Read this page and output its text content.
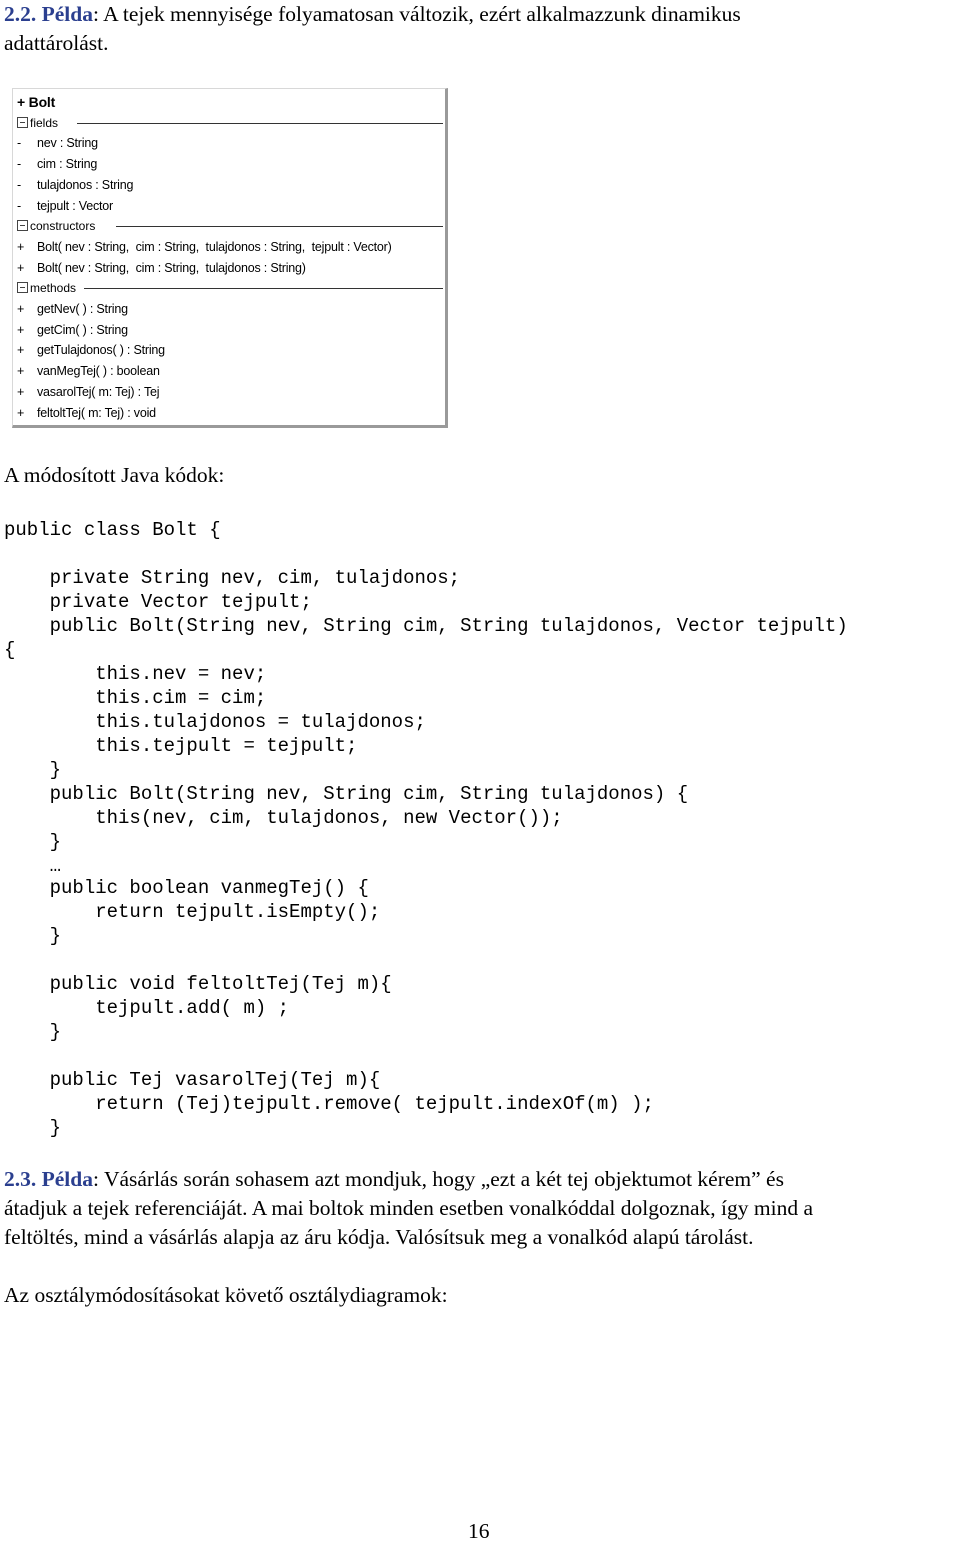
2.2. Példa: A tejek mennyisége folyamatosan változik, ezért alkalmazzunk dinamikus
adattárolást.
+ Bolt
fields
- nev : String
- cim : String
- tulajdonos : String
- tejpult : Vector
constructors
+ Bolt( nev : String,  cim : String,  tulajdonos : String,  tejpult : Vector)
+ Bolt( nev : String,  cim : String,  tulajdonos : String)
methods
+ getNev( ) : String
+ getCim( ) : String
+ getTulajdonos( ) : String
+ vanMegTej( ) : boolean
+ vasarolTej( m: Tej) : Tej
+ feltoltTej( m: Tej) : void
A módosított Java kódok:
public class Bolt {
private String nev, cim, tulajdonos;
private Vector tejpult;
public Bolt(String nev, String cim, String tulajdonos, Vector tejpult)
{
this.nev = nev;
this.cim = cim;
this.tulajdonos = tulajdonos;
this.tejpult = tejpult;
}
public Bolt(String nev, String cim, String tulajdonos) {
this(nev, cim, tulajdonos, new Vector());
}
…
public boolean vanmegTej() {
return tejpult.isEmpty();
}
public void feltoltTej(Tej m){
tejpult.add( m) ;
}
public Tej vasarolTej(Tej m){
return (Tej)tejpult.remove( tejpult.indexOf(m) );
}
2.3. Példa: Vásárlás során sohasem azt mondjuk, hogy „ezt a két tej objektumot kérem” és
átadjuk a tejek referenciáját. A mai boltok minden esetben vonalkóddal dolgoznak, így mind a
feltöltés, mind a vásárlás alapja az áru kódja. Valósítsuk meg a vonalkód alapú tárolást.
Az osztálymódosításokat követő osztálydiagramok:
16
